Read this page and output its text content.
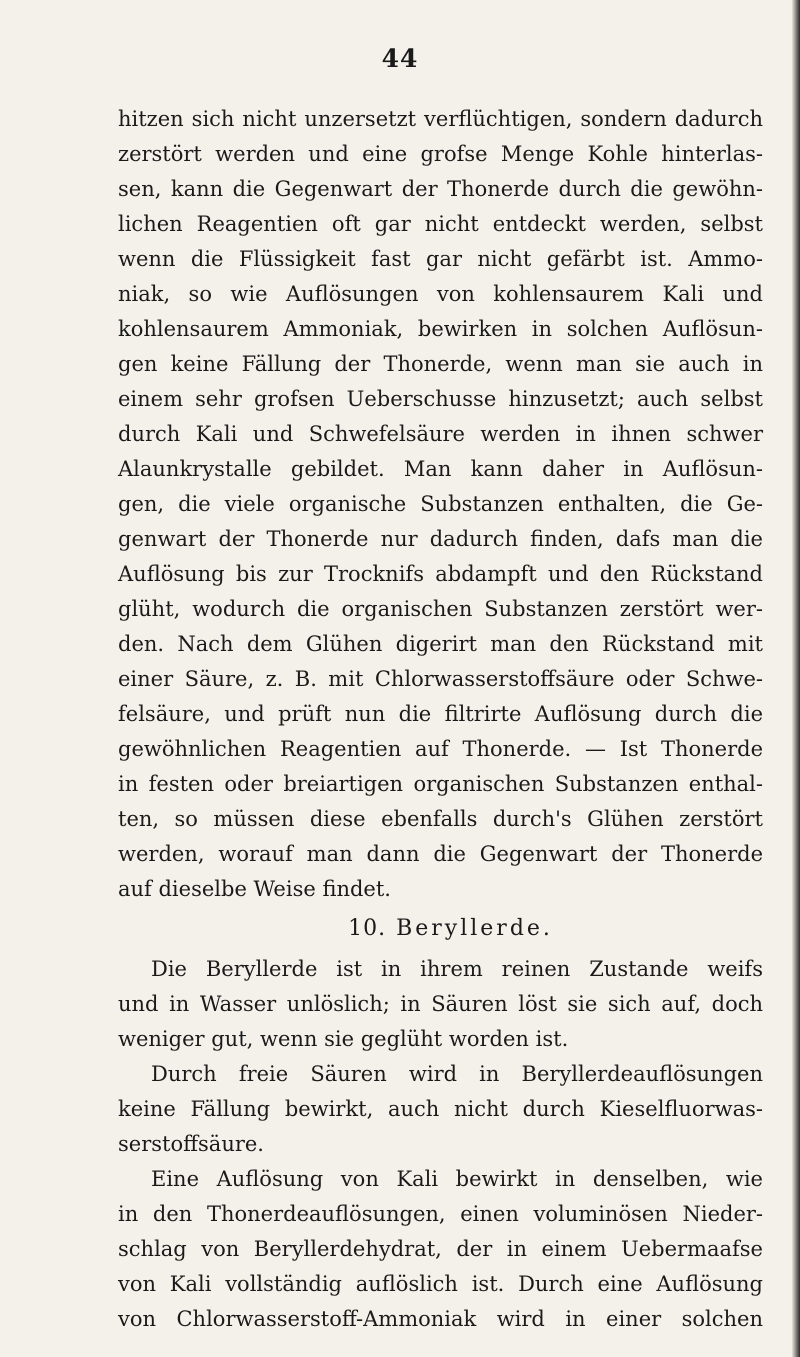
44
hitzen sich nicht unzersetzt verflüchtigen, sondern dadurch
zerstört werden und eine grofse Menge Kohle hinterlas-
sen, kann die Gegenwart der Thonerde durch die gewöhn-
lichen Reagentien oft gar nicht entdeckt werden, selbst
wenn die Flüssigkeit fast gar nicht gefärbt ist. Ammo-
niak, so wie Auflösungen von kohlensaurem Kali und
kohlensaurem Ammoniak, bewirken in solchen Auflösun-
gen keine Fällung der Thonerde, wenn man sie auch in
einem sehr grofsen Ueberschusse hinzusetzt; auch selbst
durch Kali und Schwefelsäure werden in ihnen schwer
Alaunkrystalle gebildet. Man kann daher in Auflösun-
gen, die viele organische Substanzen enthalten, die Ge-
genwart der Thonerde nur dadurch finden, dafs man die
Auflösung bis zur Trocknifs abdampft und den Rückstand
glüht, wodurch die organischen Substanzen zerstört wer-
den. Nach dem Glühen digerirt man den Rückstand mit
einer Säure, z. B. mit Chlorwasserstoffsäure oder Schwe-
felsäure, und prüft nun die filtrirte Auflösung durch die
gewöhnlichen Reagentien auf Thonerde. — Ist Thonerde
in festen oder breiartigen organischen Substanzen enthal-
ten, so müssen diese ebenfalls durch's Glühen zerstört
werden, worauf man dann die Gegenwart der Thonerde
auf dieselbe Weise findet.
10. Beryllerde.
Die Beryllerde ist in ihrem reinen Zustande weifs
und in Wasser unlöslich; in Säuren löst sie sich auf, doch
weniger gut, wenn sie geglüht worden ist.
Durch freie Säuren wird in Beryllerdeauflösungen
keine Fällung bewirkt, auch nicht durch Kieselfluorwas-
serstoffsäure.
Eine Auflösung von Kali bewirkt in denselben, wie
in den Thonerdeauflösungen, einen voluminösen Nieder-
schlag von Beryllerdehydrat, der in einem Uebermaafse
von Kali vollständig auflöslich ist. Durch eine Auflösung
von Chlorwasserstoff-Ammoniak wird in einer solchen
